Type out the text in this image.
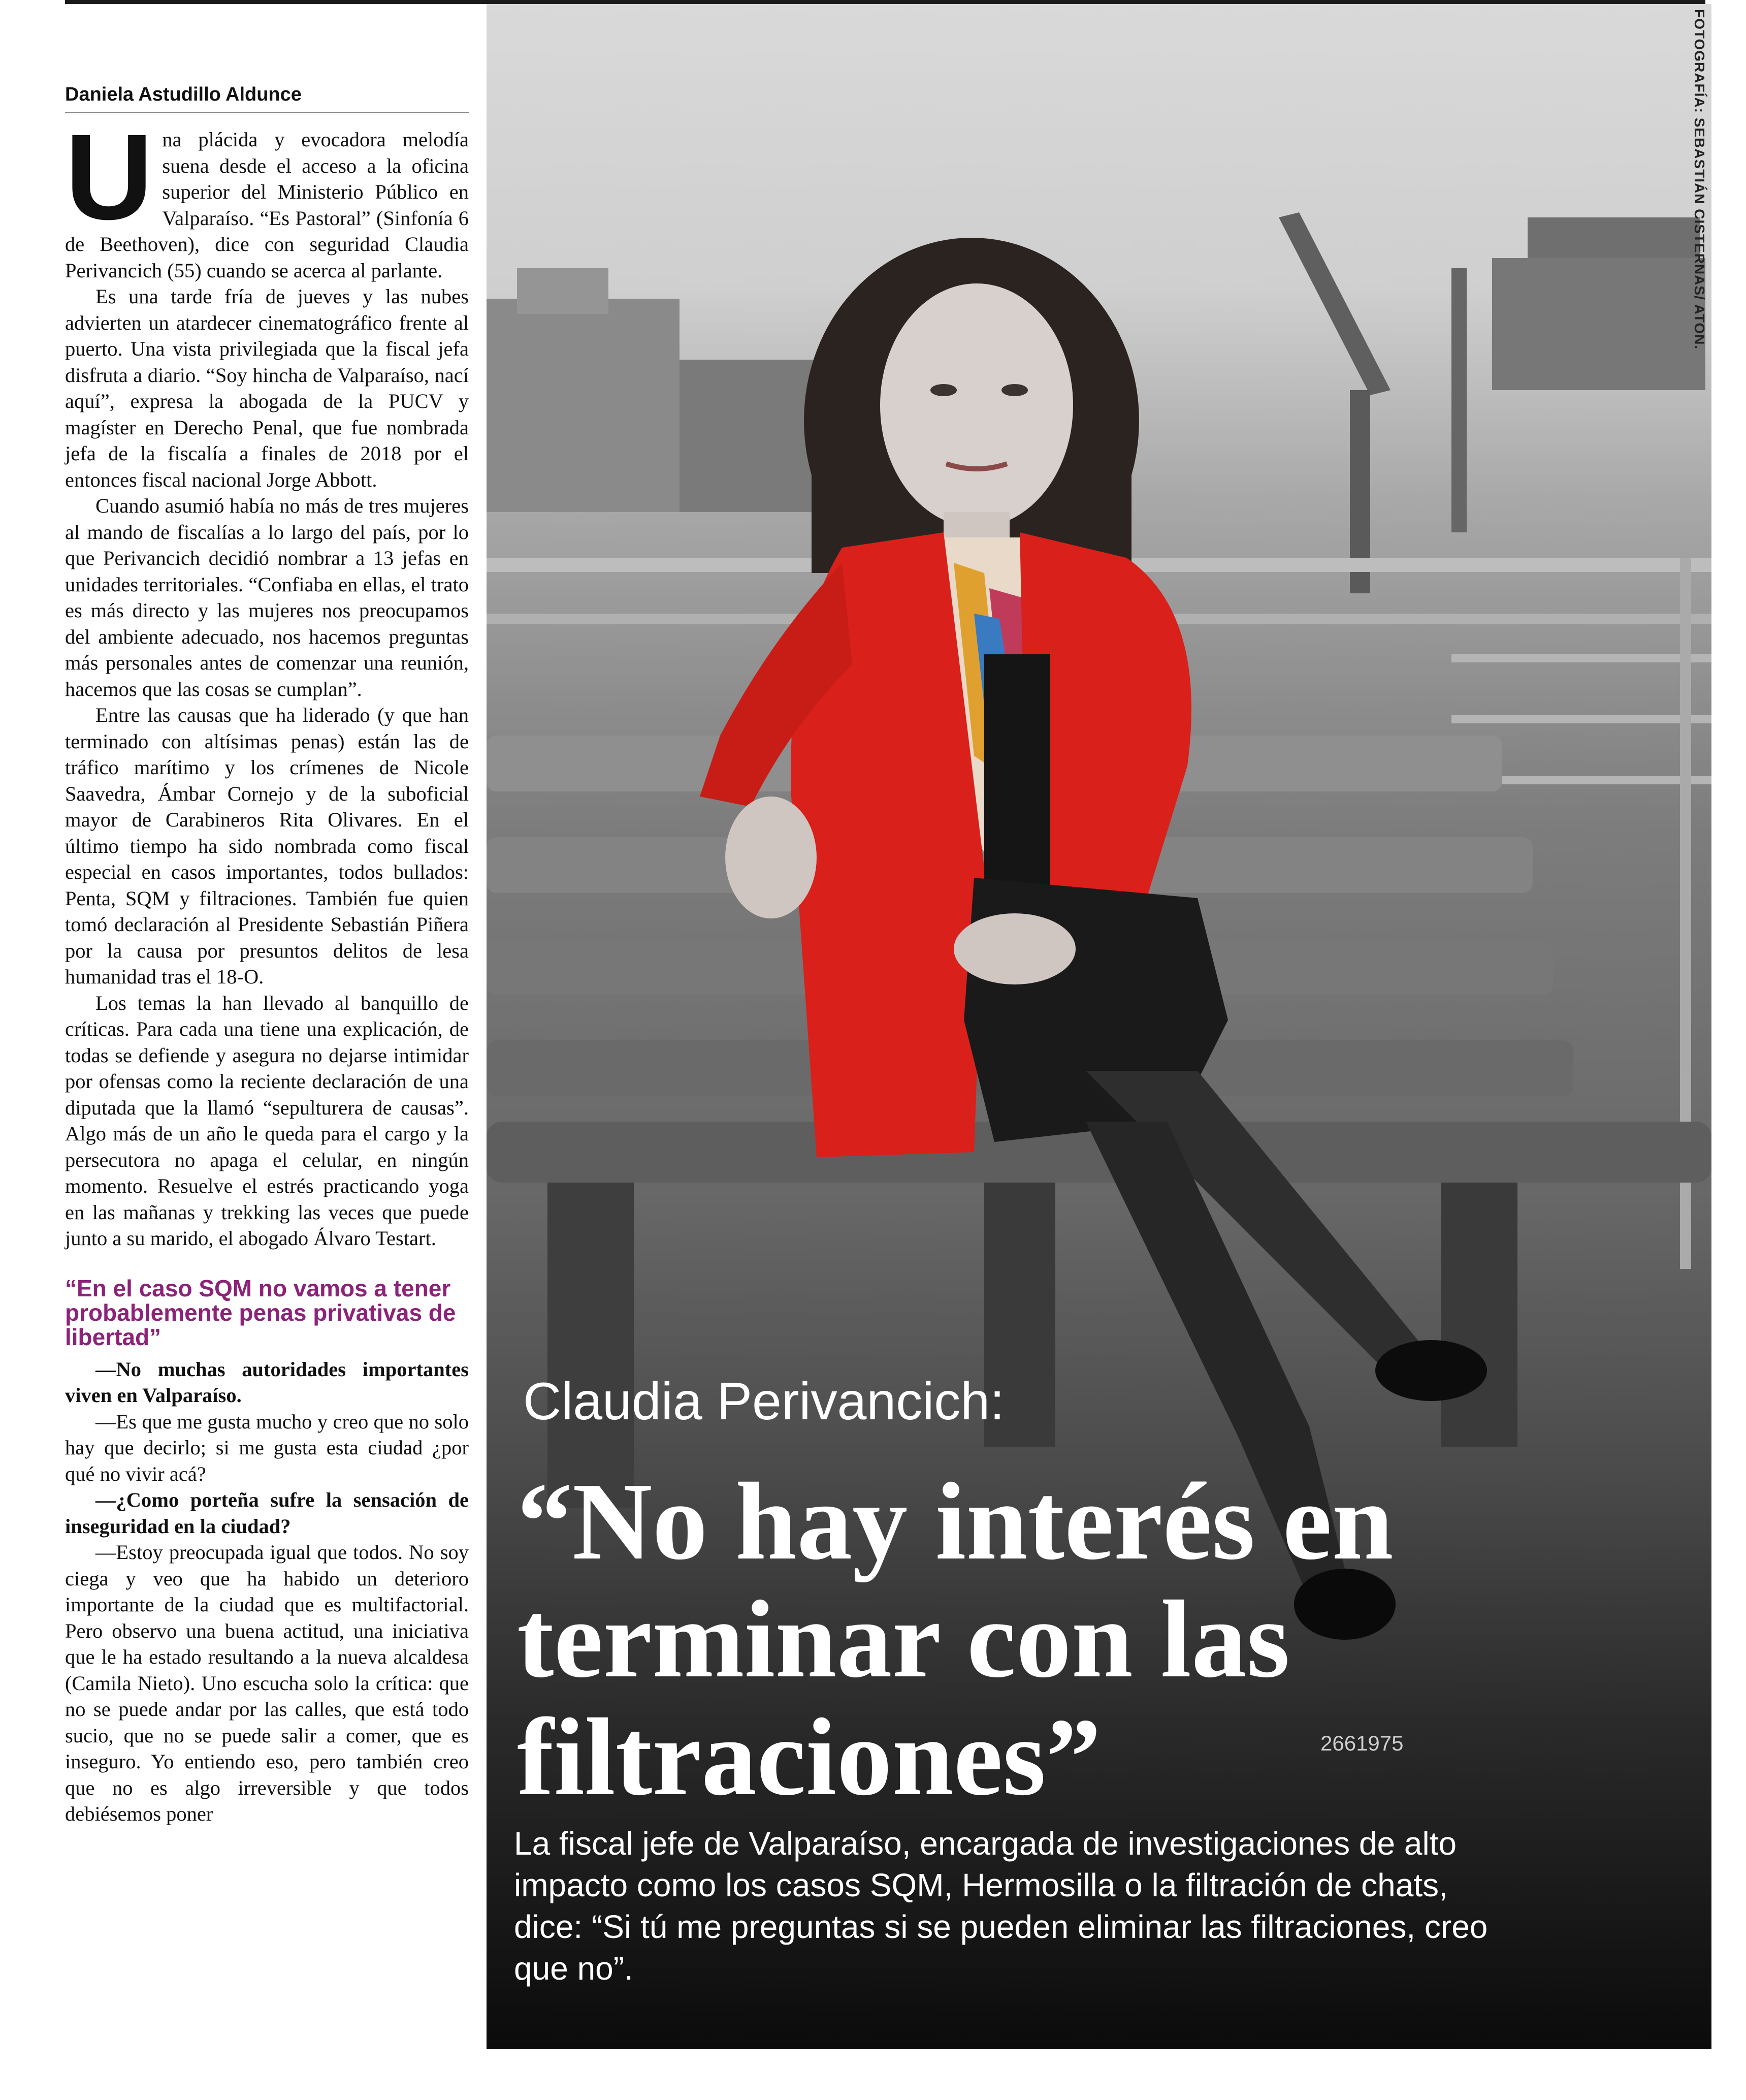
Daniela Astudillo Aldunce

Una plácida y evocadora melodía suena desde el acceso a la oficina superior del Ministerio Público en Valparaíso. “Es Pastoral” (Sinfonía 6 de Beethoven), dice con seguridad Claudia Perivancich (55) cuando se acerca al parlante.

Es una tarde fría de jueves y las nubes advierten un atardecer cinematográfico frente al puerto. Una vista privilegiada que la fiscal jefa disfruta a diario. “Soy hincha de Valparaíso, nací aquí”, expresa la abogada de la PUCV y magíster en Derecho Penal, que fue nombrada jefa de la fiscalía a finales de 2018 por el entonces fiscal nacional Jorge Abbott.

Cuando asumió había no más de tres mujeres al mando de fiscalías a lo largo del país, por lo que Perivancich decidió nombrar a 13 jefas en unidades territoriales. “Confiaba en ellas, el trato es más directo y las mujeres nos preocupamos del ambiente adecuado, nos hacemos preguntas más personales antes de comenzar una reunión, hacemos que las cosas se cumplan”.

Entre las causas que ha liderado (y que han terminado con altísimas penas) están las de tráfico marítimo y los crímenes de Nicole Saavedra, Ámbar Cornejo y de la suboficial mayor de Carabineros Rita Olivares. En el último tiempo ha sido nombrada como fiscal especial en casos importantes, todos bullados: Penta, SQM y filtraciones. También fue quien tomó declaración al Presidente Sebastián Piñera por la causa por presuntos delitos de lesa humanidad tras el 18-O.

Los temas la han llevado al banquillo de críticas. Para cada una tiene una explicación, de todas se defiende y asegura no dejarse intimidar por ofensas como la reciente declaración de una diputada que la llamó “sepulturera de causas”. Algo más de un año le queda para el cargo y la persecutora no apaga el celular, en ningún momento. Resuelve el estrés practicando yoga en las mañanas y trekking las veces que puede junto a su marido, el abogado Álvaro Testart.

“En el caso SQM no vamos a tener probablemente penas privativas de libertad”

—No muchas autoridades importantes viven en Valparaíso.

—Es que me gusta mucho y creo que no solo hay que decirlo; si me gusta esta ciudad ¿por qué no vivir acá?

—¿Como porteña sufre la sensación de inseguridad en la ciudad?

—Estoy preocupada igual que todos. No soy ciega y veo que ha habido un deterioro importante de la ciudad que es multifactorial. Pero observo una buena actitud, una iniciativa que le ha estado resultando a la nueva alcaldesa (Camila Nieto). Uno escucha solo la crítica: que no se puede andar por las calles, que está todo sucio, que no se puede salir a comer, que es inseguro. Yo entiendo eso, pero también creo que no es algo irreversible y que todos debiésemos poner

FOTOGRAFÍA: SEBASTIÁN CISTERNAS/ ATON.
Claudia Perivancich:
“No hay interés en terminar con las filtraciones”	2661975
La fiscal jefe de Valparaíso, encargada de investigaciones de alto impacto como los casos SQM, Hermosilla o la filtración de chats, dice: “Si tú me preguntas si se pueden eliminar las filtraciones, creo que no”.
